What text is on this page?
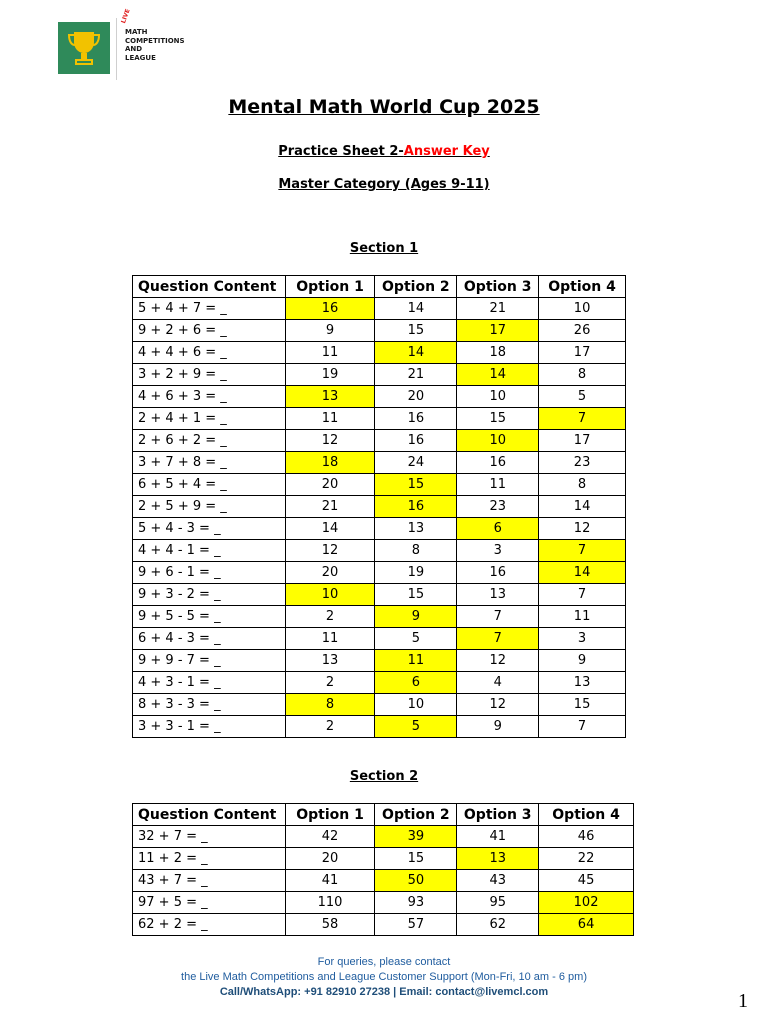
LIVE
MATH
COMPETITIONS
AND
LEAGUE
Mental Math World Cup 2025
Practice Sheet 2-Answer Key
Master Category (Ages 9-11)
Section 1
Question Content	Option 1	Option 2	Option 3	Option 4
5 + 4 + 7 = _	16	14	21	10
9 + 2 + 6 = _	9	15	17	26
4 + 4 + 6 = _	11	14	18	17
3 + 2 + 9 = _	19	21	14	8
4 + 6 + 3 = _	13	20	10	5
2 + 4 + 1 = _	11	16	15	7
2 + 6 + 2 = _	12	16	10	17
3 + 7 + 8 = _	18	24	16	23
6 + 5 + 4 = _	20	15	11	8
2 + 5 + 9 = _	21	16	23	14
5 + 4 - 3 = _	14	13	6	12
4 + 4 - 1 = _	12	8	3	7
9 + 6 - 1 = _	20	19	16	14
9 + 3 - 2 = _	10	15	13	7
9 + 5 - 5 = _	2	9	7	11
6 + 4 - 3 = _	11	5	7	3
9 + 9 - 7 = _	13	11	12	9
4 + 3 - 1 = _	2	6	4	13
8 + 3 - 3 = _	8	10	12	15
3 + 3 - 1 = _	2	5	9	7
Section 2
Question Content	Option 1	Option 2	Option 3	Option 4
32 + 7 = _	42	39	41	46
11 + 2 = _	20	15	13	22
43 + 7 = _	41	50	43	45
97 + 5 = _	110	93	95	102
62 + 2 = _	58	57	62	64
For queries, please contact
the Live Math Competitions and League Customer Support (Mon-Fri, 10 am - 6 pm)
Call/WhatsApp: +91 82910 27238 | Email: contact@livemcl.com	1
